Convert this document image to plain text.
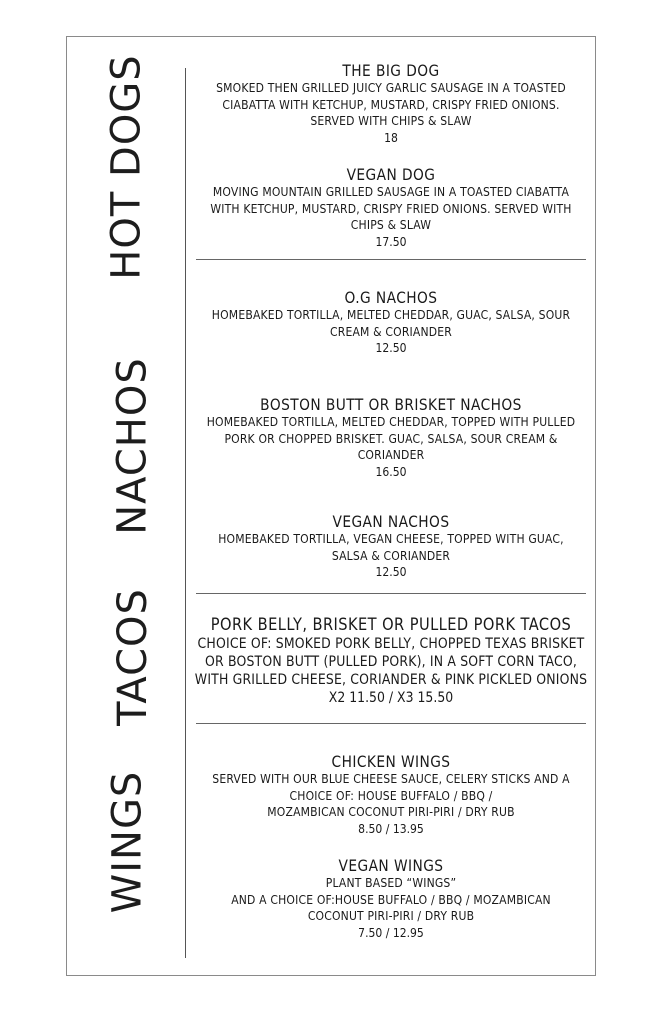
HOT DOGS
NACHOS
TACOS
WINGS
THE BIG DOG
SMOKED THEN GRILLED JUICY GARLIC SAUSAGE IN A TOASTED
CIABATTA WITH KETCHUP, MUSTARD, CRISPY FRIED ONIONS.
SERVED WITH CHIPS & SLAW
18
VEGAN DOG
MOVING MOUNTAIN GRILLED SAUSAGE IN A TOASTED CIABATTA
WITH KETCHUP, MUSTARD, CRISPY FRIED ONIONS. SERVED WITH
CHIPS & SLAW
17.50
O.G NACHOS
HOMEBAKED TORTILLA, MELTED CHEDDAR, GUAC, SALSA, SOUR
CREAM & CORIANDER
12.50
BOSTON BUTT OR BRISKET NACHOS
HOMEBAKED TORTILLA, MELTED CHEDDAR, TOPPED WITH PULLED
PORK OR CHOPPED BRISKET. GUAC, SALSA, SOUR CREAM &
CORIANDER
16.50
VEGAN NACHOS
HOMEBAKED TORTILLA, VEGAN CHEESE, TOPPED WITH GUAC,
SALSA & CORIANDER
12.50
PORK BELLY, BRISKET OR PULLED PORK TACOS
CHOICE OF: SMOKED PORK BELLY, CHOPPED TEXAS BRISKET
OR BOSTON BUTT (PULLED PORK), IN A SOFT CORN TACO,
WITH GRILLED CHEESE, CORIANDER & PINK PICKLED ONIONS
X2 11.50 / X3 15.50
CHICKEN WINGS
SERVED WITH OUR BLUE CHEESE SAUCE, CELERY STICKS AND A
CHOICE OF: HOUSE BUFFALO / BBQ /
MOZAMBICAN COCONUT PIRI-PIRI / DRY RUB
8.50 / 13.95
VEGAN WINGS
PLANT BASED “WINGS”
AND A CHOICE OF:HOUSE BUFFALO / BBQ / MOZAMBICAN
COCONUT PIRI-PIRI / DRY RUB
7.50 / 12.95
